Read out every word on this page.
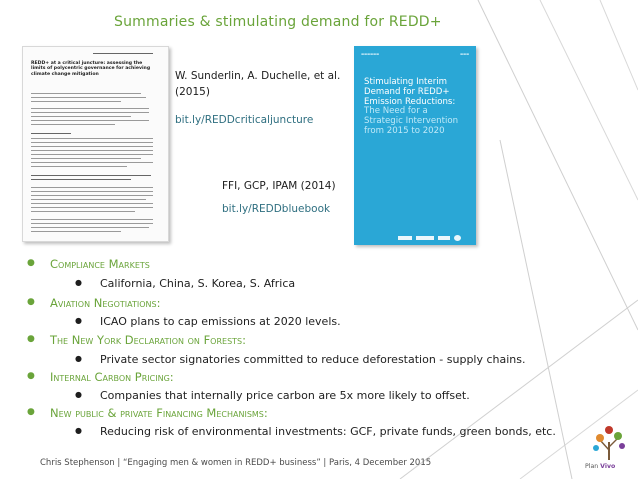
Summaries & stimulating demand for REDD+
REDD+ at a critical juncture: assessing the limits of polycentric governance for achieving climate change mitigation	W. Sunderlin, A. Duchelle, et al. (2015)
bit.ly/REDDcriticaljuncture
▬▬▬▬▬▬	▬▬▬
Stimulating Interim Demand for REDD+ Emission Reductions: The Need for a Strategic Intervention from 2015 to 2020
FFI, GCP, IPAM (2014)
bit.ly/REDDbluebook
● Compliance Markets
● California, China, S. Korea, S. Africa
● Aviation Negotiations:
● ICAO plans to cap emissions at 2020 levels.
● The New York Declaration on Forests:
● Private sector signatories committed to reduce deforestation - supply chains.
● Internal Carbon Pricing:
● Companies that internally price carbon are 5x more likely to offset.
● New public & private Financing Mechanisms:
● Reducing risk of environmental investments: GCF, private funds, green bonds, etc.
Chris Stephenson | “Engaging men & women in REDD+ business” | Paris, 4 December 2015	Plan Vivo
